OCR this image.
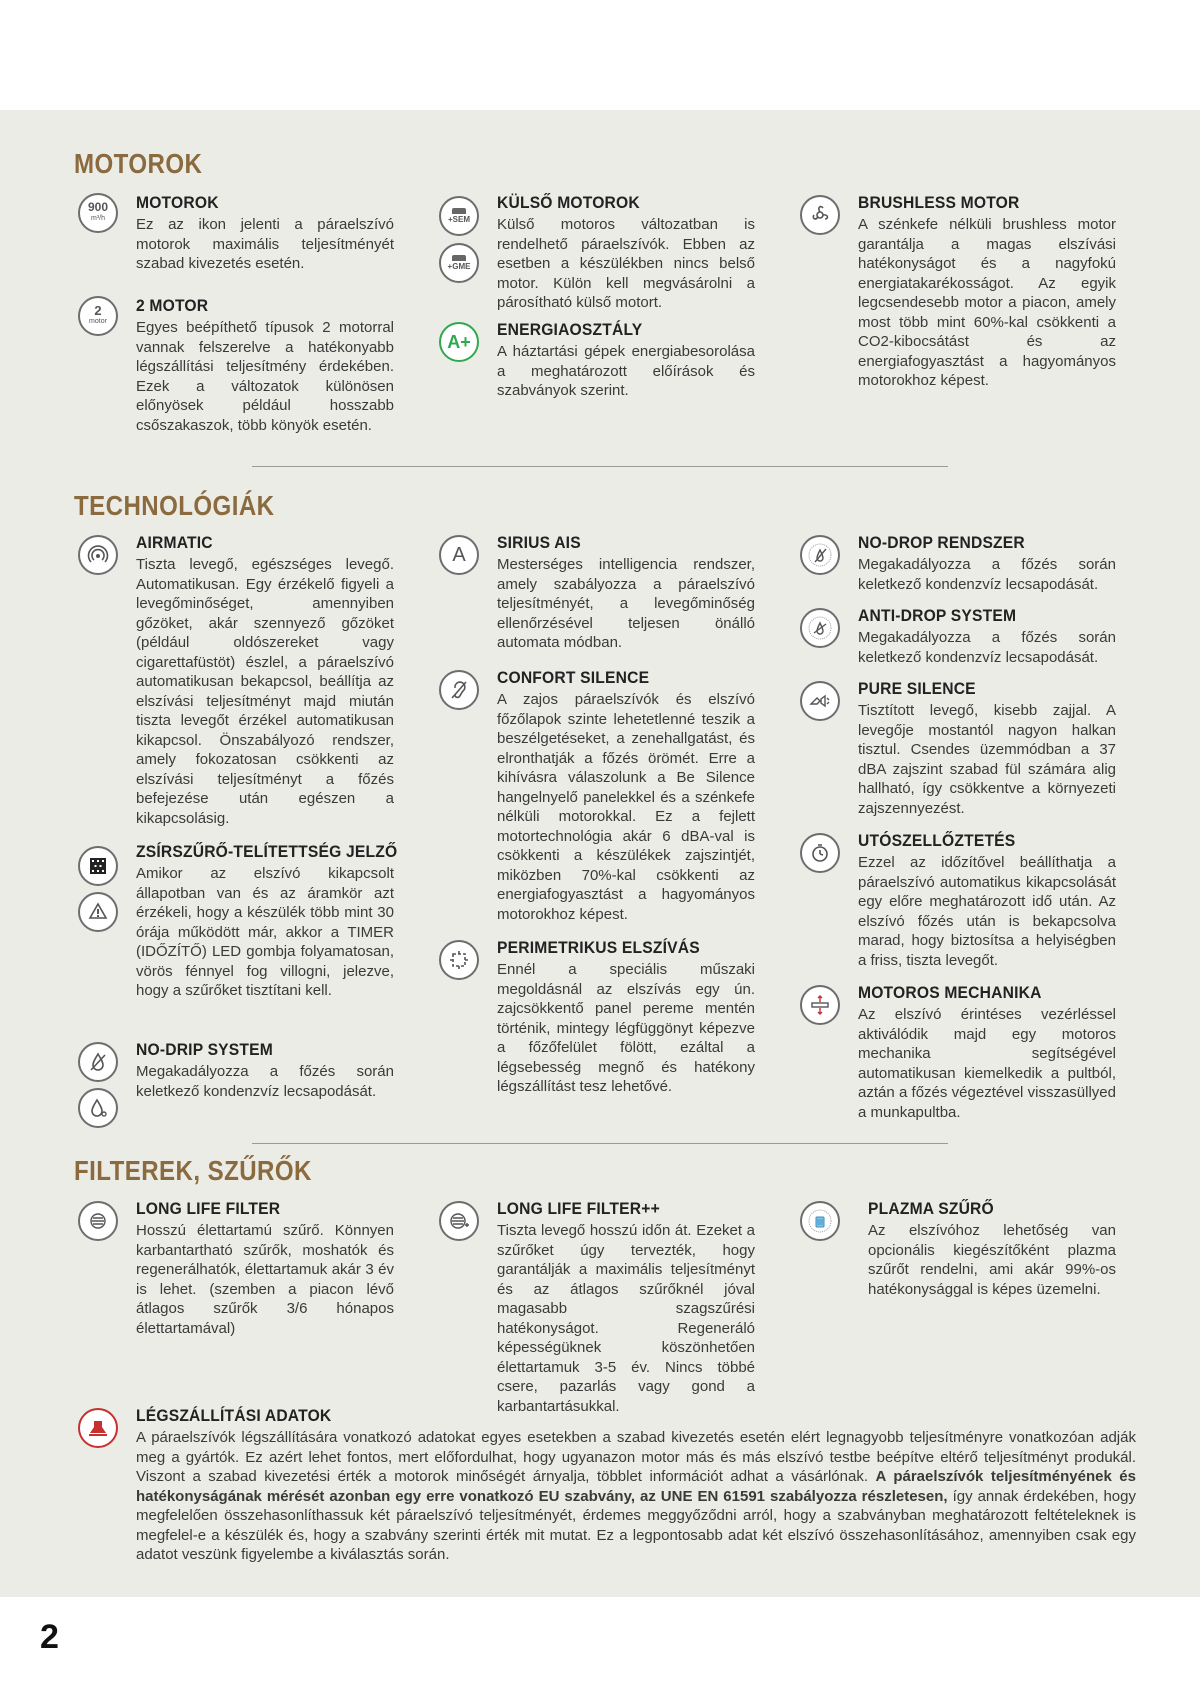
MOTOROK
900
m³/h
MOTOROK
Ez az ikon jelenti a páraelszívó motorok maximális teljesítményét szabad kivezetés esetén.
2
motor
2 MOTOR
Egyes beépíthető típusok 2 motorral vannak felszerelve a hatékonyabb légszállítási teljesítmény érdekében. Ezek a változatok különösen előnyösek például hosszabb csőszakaszok, több könyök esetén.
+SEM
+GME
KÜLSŐ MOTOROK
Külső motoros változatban is rendelhető páraelszívók. Ebben az esetben a készülékben nincs belső motor. Külön kell megvásárolni a párosítható külső motort.
A+
ENERGIAOSZTÁLY
A háztartási gépek energiabesorolása a meghatározott előírások és szabványok szerint.
BRUSHLESS MOTOR
A szénkefe nélküli brushless motor garantálja a magas elszívási hatékonyságot és a nagyfokú energiatakarékosságot. Az egyik legcsendesebb motor a piacon, amely most több mint 60%-kal csökkenti a CO2-kibocsátást és az energiafogyasztást a hagyományos motorokhoz képest.
TECHNOLÓGIÁK
AIRMATIC
Tiszta levegő, egészséges levegő. Automatikusan. Egy érzékelő figyeli a levegőminőséget, amennyiben gőzöket, akár szennyező gőzöket (például oldószereket vagy cigarettafüstöt) észlel, a páraelszívó automatikusan bekapcsol, beállítja az elszívási teljesítményt majd miután tiszta levegőt érzékel automatikusan kikapcsol. Önszabályozó rendszer, amely fokozatosan csökkenti az elszívási teljesítményt a főzés befejezése után egészen a kikapcsolásig.
ZSÍRSZŰRŐ-TELÍTETTSÉG JELZŐ
Amikor az elszívó kikapcsolt állapotban van és az áramkör azt érzékeli, hogy a készülék több mint 30 órája működött már, akkor a TIMER (IDŐZÍTŐ) LED gombja folyamatosan, vörös fénnyel fog villogni, jelezve, hogy a szűrőket tisztítani kell.
NO-DRIP SYSTEM
Megakadályozza a főzés során keletkező kondenzvíz lecsapodását.
A
SIRIUS AIS
Mesterséges intelligencia rendszer, amely szabályozza a páraelszívó teljesítményét, a levegőminőség ellenőrzésével teljesen önálló automata módban.
CONFORT SILENCE
A zajos páraelszívók és elszívó főzőlapok szinte lehetetlenné teszik a beszélgetéseket, a zenehallgatást, és elronthatják a főzés örömét. Erre a kihívásra válaszolunk a Be Silence hangelnyelő panelekkel és a szénkefe nélküli motorokkal. Ez a fejlett motortechnológia akár 6 dBA-val is csökkenti a készülékek zajszintjét, miközben 70%-kal csökkenti az energiafogyasztást a hagyományos motorokhoz képest.
PERIMETRIKUS ELSZÍVÁS
Ennél a speciális műszaki megoldásnál az elszívás egy ún. zajcsökkentő panel pereme mentén történik, mintegy légfüggönyt képezve a főzőfelület fölött, ezáltal a légsebesség megnő és hatékony légszállítást tesz lehetővé.
NO-DROP RENDSZER
Megakadályozza a főzés során keletkező kondenzvíz lecsapodását.
ANTI-DROP SYSTEM
Megakadályozza a főzés során keletkező kondenzvíz lecsapodását.
PURE SILENCE
Tisztított levegő, kisebb zajjal. A levegője mostantól nagyon halkan tisztul. Csendes üzemmódban a 37 dBA zajszint szabad fül számára alig hallható, így csökkentve a környezeti zajszennyezést.
UTÓSZELLŐZTETÉS
Ezzel az időzítővel beállíthatja a páraelszívó automatikus kikapcsolását egy előre meghatározott idő után. Az elszívó főzés után is bekapcsolva marad, hogy biztosítsa a helyiségben a friss, tiszta levegőt.
MOTOROS MECHANIKA
Az elszívó érintéses vezérléssel aktiválódik majd egy motoros mechanika segítségével automatikusan kiemelkedik a pultból, aztán a főzés végeztével visszasüllyed a munkapultba.
FILTEREK, SZŰRŐK
LONG LIFE FILTER
Hosszú élettartamú szűrő. Könnyen karbantartható szűrők, moshatók és regenerálhatók, élettartamuk akár 3 év is lehet. (szemben a piacon lévő átlagos szűrők 3/6 hónapos élettartamával)
LONG LIFE FILTER++
Tiszta levegő hosszú időn át. Ezeket a szűrőket úgy tervezték, hogy garantálják a maximális teljesítményt és az átlagos szűrőknél jóval magasabb szagszűrési hatékonyságot. Regeneráló képességüknek köszönhetően élettartamuk 3-5 év. Nincs többé csere, pazarlás vagy gond a karbantartásukkal.
PLAZMA SZŰRŐ
Az elszívóhoz lehetőség van opcionális kiegészítőként plazma szűrőt rendelni, ami akár 99%-os hatékonysággal is képes üzemelni.
LÉGSZÁLLÍTÁSI ADATOK
A páraelszívók légszállítására vonatkozó adatokat egyes esetekben a szabad kivezetés esetén elért legnagyobb teljesítményre vonatkozóan adják meg a gyártók. Ez azért lehet fontos, mert előfordulhat, hogy ugyanazon motor más és más elszívó testbe beépítve eltérő teljesítményt produkál. Viszont a szabad kivezetési érték a motorok minőségét árnyalja, többlet információt adhat a vásárlónak. A páraelszívók teljesítményének és hatékonyságának mérését azonban egy erre vonatkozó EU szabvány, az UNE EN 61591 szabályozza részletesen, így annak érdekében, hogy megfelelően összehasonlíthassuk két páraelszívó teljesítményét, érdemes meggyőződni arról, hogy a szabványban meghatározott feltételeknek is megfelel-e a készülék és, hogy a szabvány szerinti érték mit mutat. Ez a legpontosabb adat két elszívó összehasonlításához, amennyiben csak egy adatot veszünk figyelembe a kiválasztás során.
2
